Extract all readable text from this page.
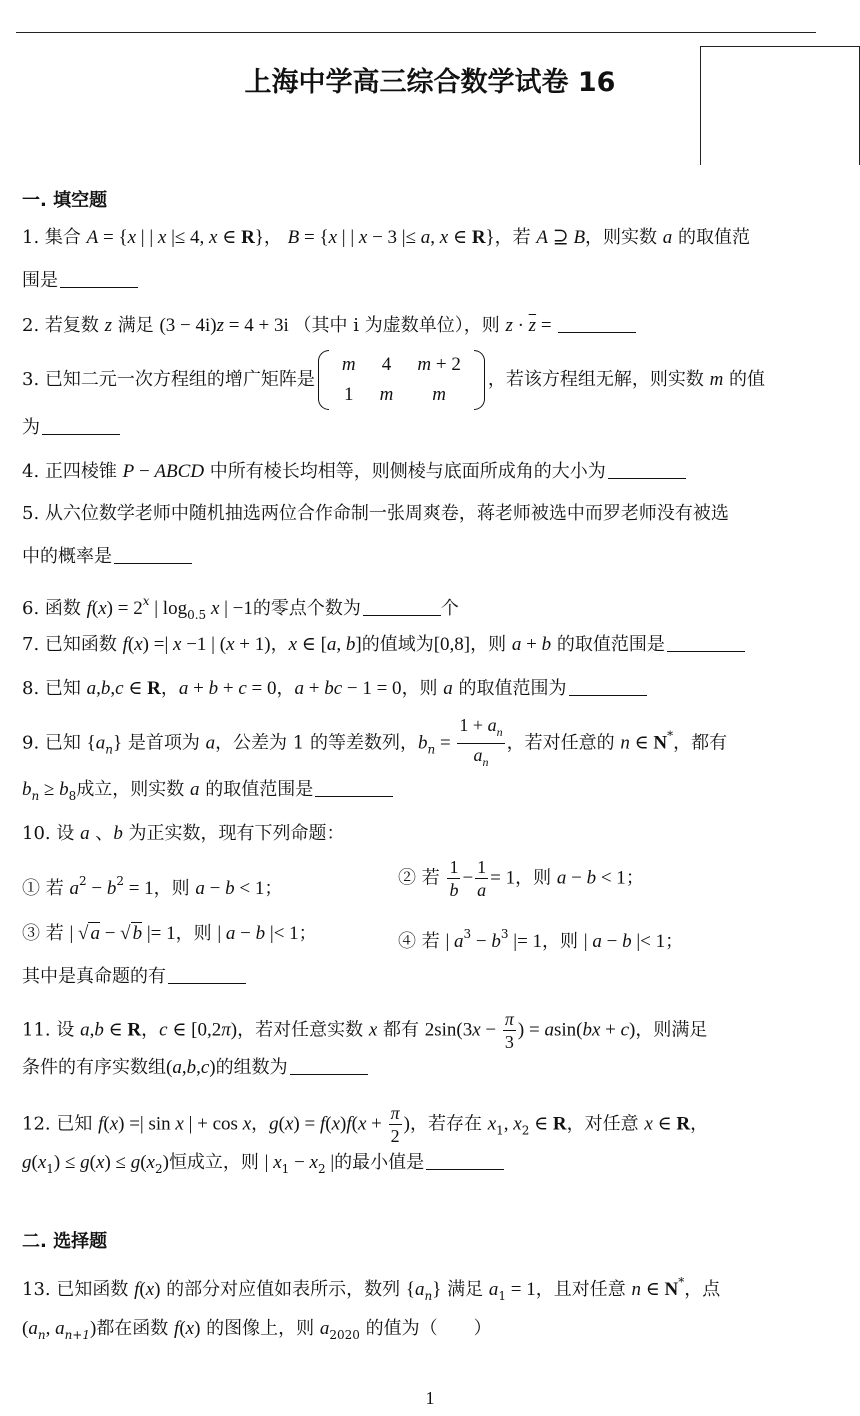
上海中学高三综合数学试卷 16
一. 填空题
1. 集合 A = {x | | x |≤ 4, x ∈ R}， B = {x | | x − 3 |≤ a, x ∈ R}，若 A ⊇ B，则实数 a 的取值范
围是
2. 若复数 z 满足 (3 − 4i)z = 4 + 3i （其中 i 为虚数单位），则 $z \cdot \overline{z}$ =
3. 已知二元一次方程组的增广矩阵是
m	4	m + 2
1	m	m
，若该方程组无解，则实数 m 的值
为
4. 正四棱锥 P − ABCD 中所有棱长均相等，则侧棱与底面所成角的大小为
5. 从六位数学老师中随机抽选两位合作命制一张周爽卷，蒋老师被选中而罗老师没有被选
中的概率是
6. 函数 $f(x) = 2^x$ | $\log_{0.5} x$ | −1的零点个数为	个
7. 已知函数 f(x) =| x −1 | (x + 1)，x ∈ [a, b]的值域为[0,8]，则 a + b 的取值范围是
8. 已知 a,b,c ∈ R，a + b + c = 0，a + bc − 1 = 0，则 a 的取值范围为
9. 已知 $\{a_n\}$ 是首项为 a，公差为 1 的等差数列，$b_n = \frac{1 + a_n}{a_n}$ ，若对任意的 n ∈ N*，都有
$b_n \ge b_8$成立，则实数 a 的取值范围是
10. 设 a 、b 为正实数，现有下列命题：
① 若 $a^2 - b^2 = 1$，则 a − b < 1；	② 若 $\frac{1}{b} - \frac{1}{a} = 1$，则 a − b < 1；
③ 若 | √ a − √ b |= 1，则 | a − b |< 1；	④ 若 | $a^3 - b^3$ |= 1，则 | a − b |< 1；
其中是真命题的有
11. 设 a,b ∈ R，c ∈ [0,2π)，若对任意实数 x 都有 $2\sin(3x - \frac{\pi}{3}$ ) = asin(bx + c)，则满足
条件的有序实数组(a,b,c)的组数为
12. 已知 f(x) =| sin x | + cos x，$g(x) = f(x)f(x + \frac{\pi}{2}$ )，若存在 $x_1$, $x_2$ ∈ R，对任意 x ∈ R，
$g(x_1) \le g(x) \le g(x_2)$恒成立，则 | $x_1 - x_2$ |的最小值是
二. 选择题
13. 已知函数 f(x) 的部分对应值如表所示，数列 $\{a_n\}$ 满足 $a_1 = 1$，且对任意 n ∈ N*，点
($a_n$, $a_{n+1}$)都在函数 f(x) 的图像上，则 $a_{2020}$ 的值为（　　）
1
